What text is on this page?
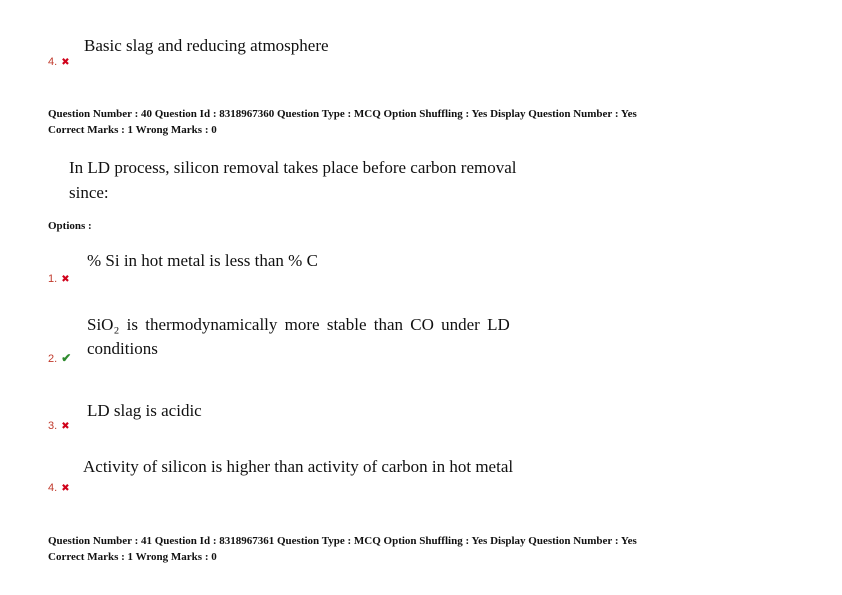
Basic slag and reducing atmosphere
4. ✖
Question Number : 40 Question Id : 8318967360 Question Type : MCQ Option Shuffling : Yes Display Question Number : Yes
Correct Marks : 1 Wrong Marks : 0
In LD process, silicon removal takes place before carbon removal
since:
Options :
% Si in hot metal is less than % C
1. ✖
SiO₂ is thermodynamically more stable than CO under LD
conditions
2. ✔
LD slag is acidic
3. ✖
Activity of silicon is higher than activity of carbon in hot metal
4. ✖
Question Number : 41 Question Id : 8318967361 Question Type : MCQ Option Shuffling : Yes Display Question Number : Yes
Correct Marks : 1 Wrong Marks : 0
